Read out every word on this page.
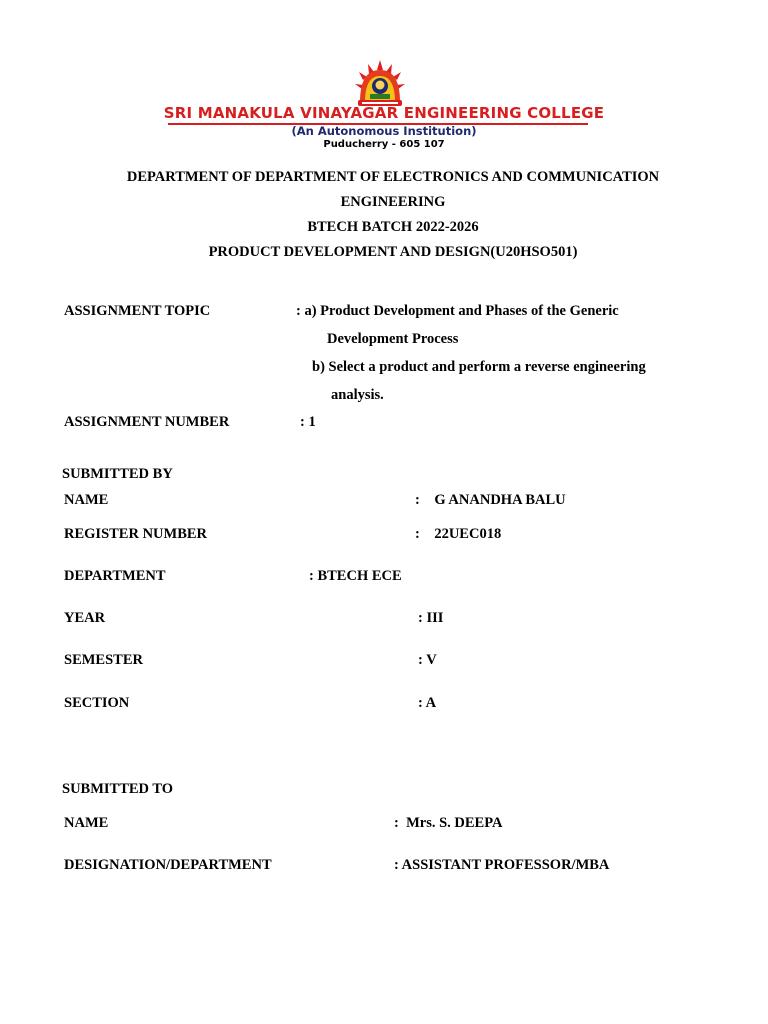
SRI MANAKULA VINAYAGAR ENGINEERING COLLEGE
(An Autonomous Institution)
Puducherry - 605 107
DEPARTMENT OF DEPARTMENT OF ELECTRONICS AND COMMUNICATION
ENGINEERING
BTECH BATCH 2022-2026
PRODUCT DEVELOPMENT AND DESIGN(U20HSO501)
ASSIGNMENT TOPIC	: a) Product Development and Phases of the Generic
Development Process
b) Select a product and perform a reverse engineering
analysis.
ASSIGNMENT NUMBER	: 1
SUBMITTED BY
NAME	:    G ANANDHA BALU
REGISTER NUMBER	:    22UEC018
DEPARTMENT	: BTECH ECE
YEAR	: III
SEMESTER	: V
SECTION	: A
SUBMITTED TO
NAME	:  Mrs. S. DEEPA
DESIGNATION/DEPARTMENT	: ASSISTANT PROFESSOR/MBA
